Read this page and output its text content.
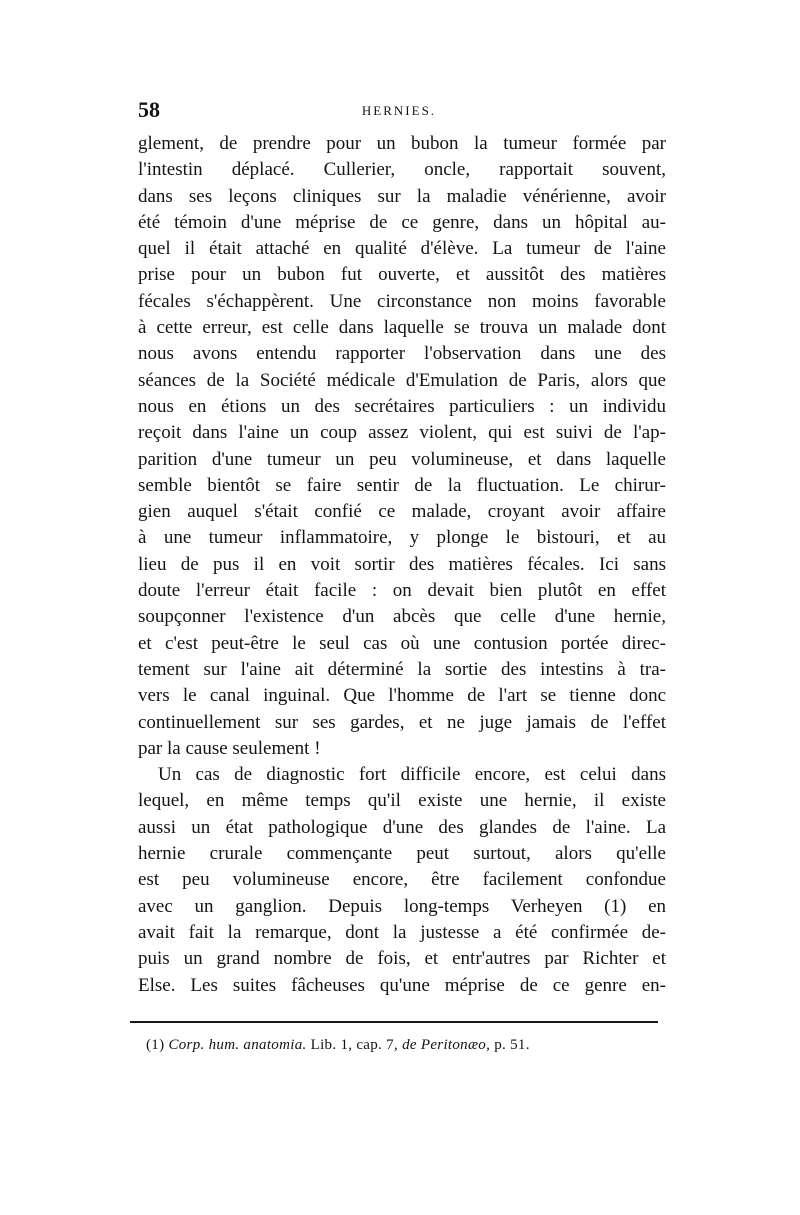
58	HERNIES.
glement, de prendre pour un bubon la tumeur formée par
l'intestin déplacé. Cullerier, oncle, rapportait souvent,
dans ses leçons cliniques sur la maladie vénérienne, avoir
été témoin d'une méprise de ce genre, dans un hôpital au-
quel il était attaché en qualité d'élève. La tumeur de l'aine
prise pour un bubon fut ouverte, et aussitôt des matières
fécales s'échappèrent. Une circonstance non moins favorable
à cette erreur, est celle dans laquelle se trouva un malade dont
nous avons entendu rapporter l'observation dans une des
séances de la Société médicale d'Emulation de Paris, alors que
nous en étions un des secrétaires particuliers : un individu
reçoit dans l'aine un coup assez violent, qui est suivi de l'ap-
parition d'une tumeur un peu volumineuse, et dans laquelle
semble bientôt se faire sentir de la fluctuation. Le chirur-
gien auquel s'était confié ce malade, croyant avoir affaire
à une tumeur inflammatoire, y plonge le bistouri, et au
lieu de pus il en voit sortir des matières fécales. Ici sans
doute l'erreur était facile : on devait bien plutôt en effet
soupçonner l'existence d'un abcès que celle d'une hernie,
et c'est peut-être le seul cas où une contusion portée direc-
tement sur l'aine ait déterminé la sortie des intestins à tra-
vers le canal inguinal. Que l'homme de l'art se tienne donc
continuellement sur ses gardes, et ne juge jamais de l'effet
par la cause seulement !
Un cas de diagnostic fort difficile encore, est celui dans
lequel, en même temps qu'il existe une hernie, il existe
aussi un état pathologique d'une des glandes de l'aine. La
hernie crurale commençante peut surtout, alors qu'elle
est peu volumineuse encore, être facilement confondue
avec un ganglion. Depuis long-temps Verheyen (1) en
avait fait la remarque, dont la justesse a été confirmée de-
puis un grand nombre de fois, et entr'autres par Richter et
Else. Les suites fâcheuses qu'une méprise de ce genre en-
(1) Corp. hum. anatomia. Lib. 1, cap. 7, de Peritonæo, p. 51.
